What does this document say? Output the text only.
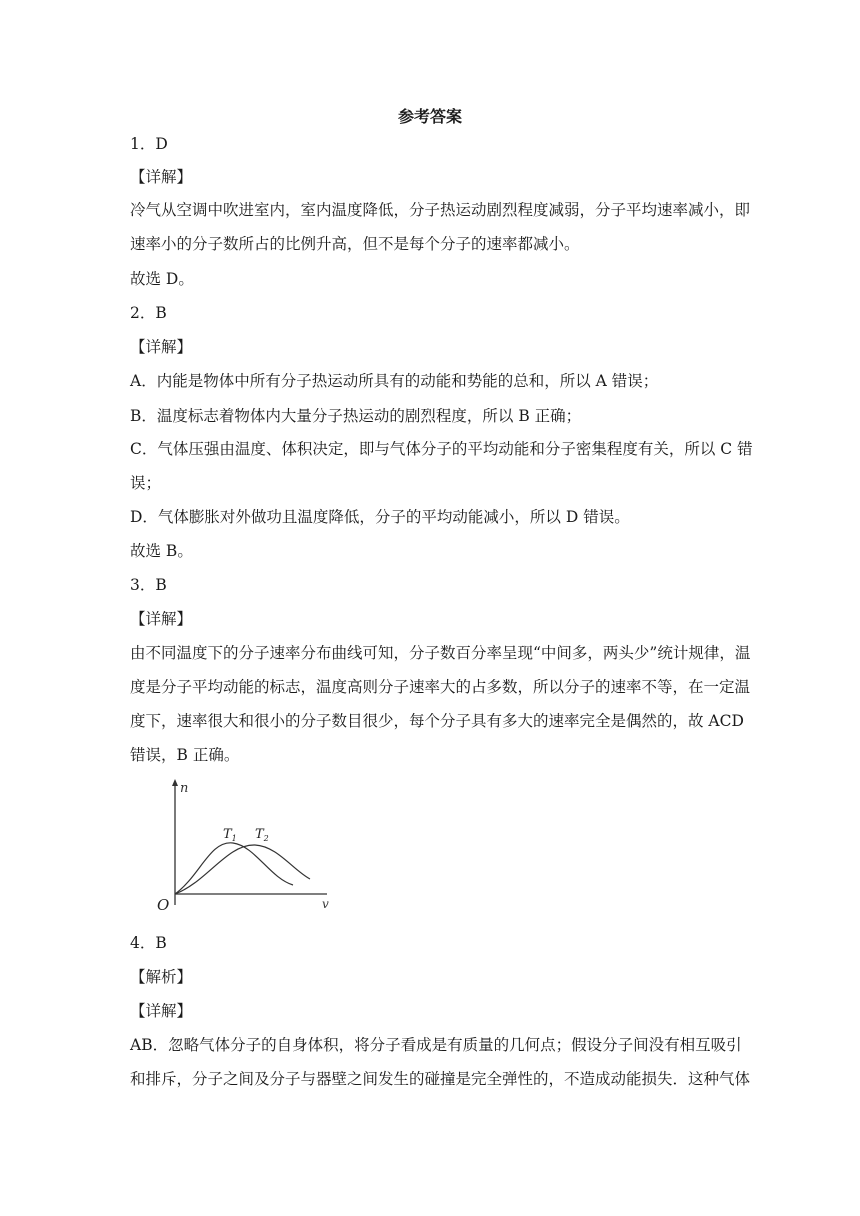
参考答案
1．D
【详解】
冷气从空调中吹进室内，室内温度降低，分子热运动剧烈程度减弱，分子平均速率减小，即
速率小的分子数所占的比例升高，但不是每个分子的速率都减小。
故选 D。
2．B
【详解】
A．内能是物体中所有分子热运动所具有的动能和势能的总和，所以 A 错误；
B．温度标志着物体内大量分子热运动的剧烈程度，所以 B 正确；
C．气体压强由温度、体积决定，即与气体分子的平均动能和分子密集程度有关，所以 C 错
误；
D．气体膨胀对外做功且温度降低，分子的平均动能减小，所以 D 错误。
故选 B。
3．B
【详解】
由不同温度下的分子速率分布曲线可知，分子数百分率呈现“中间多，两头少”统计规律，温
度是分子平均动能的标志，温度高则分子速率大的占多数，所以分子的速率不等，在一定温
度下，速率很大和很小的分子数目很少，每个分子具有多大的速率完全是偶然的，故 ACD
错误，B 正确。
n
v
O
$T_1$ $T_2$
4．B
【解析】
【详解】
AB．忽略气体分子的自身体积，将分子看成是有质量的几何点；假设分子间没有相互吸引
和排斥，分子之间及分子与器壁之间发生的碰撞是完全弹性的，不造成动能损失．这种气体
